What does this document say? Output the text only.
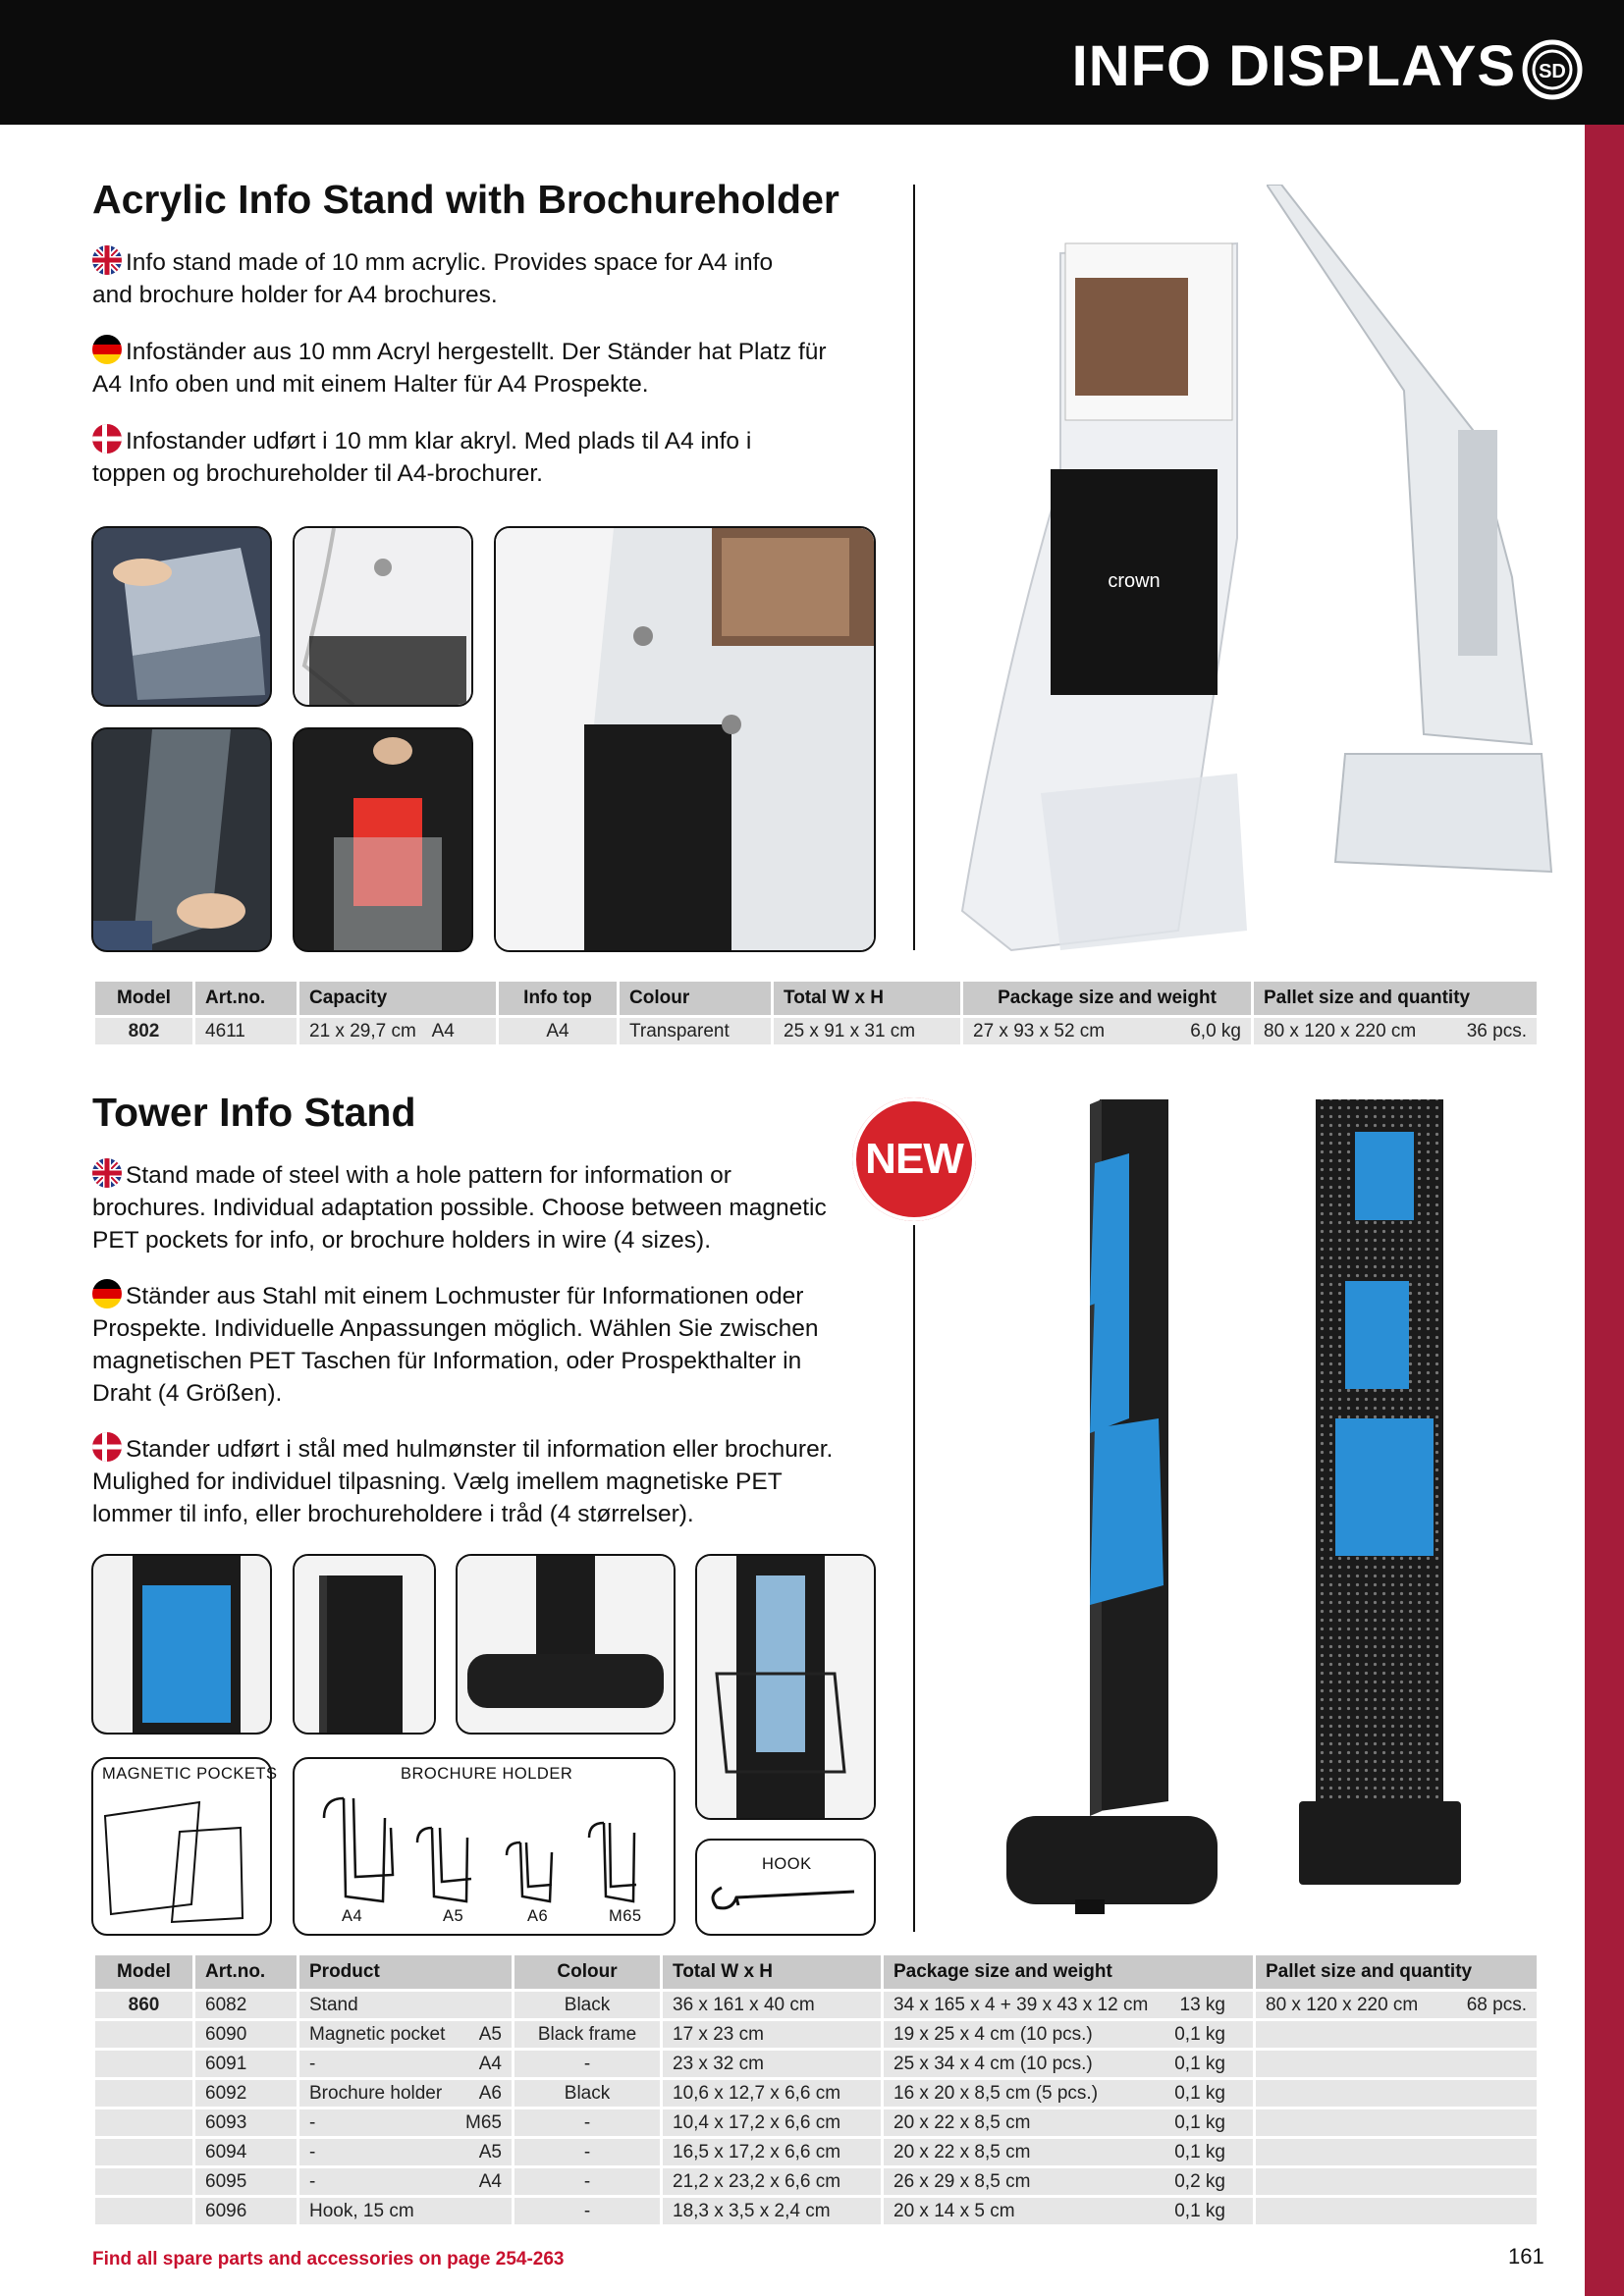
INFO DISPLAYS SD
Acrylic Info Stand with Brochureholder
Info stand made of 10 mm acrylic. Provides space for A4 info and brochure holder for A4 brochures.
Infoständer aus 10 mm Acryl hergestellt. Der Ständer hat Platz für A4 Info oben und mit einem Halter für A4 Prospekte.
Infostander udført i 10 mm klar akryl. Med plads til A4 info i toppen og brochureholder til A4-brochurer.
crown
Model	Art.no.	Capacity	Info top	Colour	Total W x H	Package size and weight	Pallet size and quantity
802	4611	21 x 29,7 cm A4	A4	Transparent	25 x 91 x 31 cm	27 x 93 x 52 cm 6,0 kg	80 x 120 x 220 cm 36 pcs.
Tower Info Stand
NEW
Stand made of steel with a hole pattern for information or brochures. Individual adaptation possible. Choose between magnetic PET pockets for info, or brochure holders in wire (4 sizes).
Ständer aus Stahl mit einem Lochmuster für Informationen oder Prospekte. Individuelle Anpassungen möglich. Wählen Sie zwischen magnetischen PET Taschen für Information, oder Prospekthalter in Draht (4 Größen).
Stander udført i stål med hulmønster til information eller brochurer. Mulighed for individuel tilpasning. Vælg imellem magnetiske PET lommer til info, eller brochureholdere i tråd (4 størrelser).
MAGNETIC POCKETS	BROCHURE HOLDER
A4	A5	A6	M65
HOOK
Model	Art.no.	Product	Colour	Total W x H	Package size and weight	Pallet size and quantity
860	6082	Stand	Black	36 x 161 x 40 cm	34 x 165 x 4 + 39 x 43 x 12 cm 13 kg	80 x 120 x 220 cm 68 pcs.

	6090	Magnetic pocket A5	Black frame	17 x 23 cm	19 x 25 x 4 cm (10 pcs.) 0,1 kg	

	6091	- A4	-	23 x 32 cm	25 x 34 x 4 cm (10 pcs.) 0,1 kg	

	6092	Brochure holder A6	Black	10,6 x 12,7 x 6,6 cm	16 x 20 x 8,5 cm (5 pcs.) 0,1 kg	

	6093	- M65	-	10,4 x 17,2 x 6,6 cm	20 x 22 x 8,5 cm 0,1 kg	

	6094	- A5	-	16,5 x 17,2 x 6,6 cm	20 x 22 x 8,5 cm 0,1 kg	

	6095	- A4	-	21,2 x 23,2 x 6,6 cm	26 x 29 x 8,5 cm 0,2 kg	

	6096	Hook, 15 cm	-	18,3 x 3,5 x 2,4 cm	20 x 14 x 5 cm 0,1 kg	

Find all spare parts and accessories on page 254-263	161
